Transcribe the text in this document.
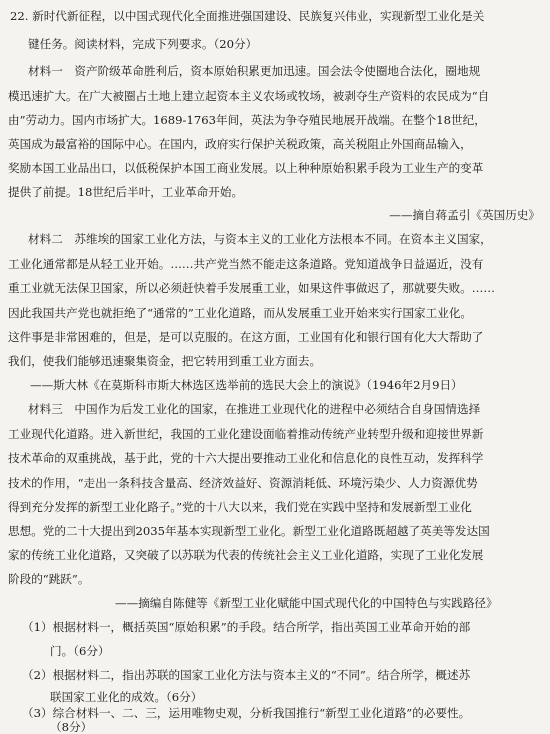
22. 新时代新征程，以中国式现代化全面推进强国建设、民族复兴伟业，实现新型工业化是关
键任务。阅读材料，完成下列要求。（20分）
材料一　资产阶级革命胜利后，资本原始积累更加迅速。国会法令使圈地合法化，圈地规
模迅速扩大。在广大被圈占土地上建立起资本主义农场或牧场，被剥夺生产资料的农民成为“自
由”劳动力。国内市场扩大。1689-1763年间，英法为争夺殖民地展开战端。在整个18世纪，
英国成为最富裕的国际中心。在国内，政府实行保护关税政策，高关税阻止外国商品输入，
奖励本国工业品出口，以低税保护本国工商业发展。以上种种原始积累手段为工业生产的变革
提供了前提。18世纪后半叶，工业革命开始。
——摘自蒋孟引《英国历史》
材料二　苏维埃的国家工业化方法，与资本主义的工业化方法根本不同。在资本主义国家，
工业化通常都是从轻工业开始。……共产党当然不能走这条道路。党知道战争日益逼近，没有
重工业就无法保卫国家，所以必须赶快着手发展重工业，如果这件事做迟了，那就要失败。……
因此我国共产党也就拒绝了“通常的”工业化道路，而从发展重工业开始来实行国家工业化。
这件事是非常困难的，但是，是可以克服的。在这方面，工业国有化和银行国有化大大帮助了
我们，使我们能够迅速聚集资金，把它转用到重工业方面去。
——斯大林《在莫斯科市斯大林选区选举前的选民大会上的演说》（1946年2月9日）
材料三　中国作为后发工业化的国家，在推进工业现代化的进程中必须结合自身国情选择
工业现代化道路。进入新世纪，我国的工业化建设面临着推动传统产业转型升级和迎接世界新
技术革命的双重挑战，基于此，党的十六大提出要推动工业化和信息化的良性互动，发挥科学
技术的作用，“走出一条科技含量高、经济效益好、资源消耗低、环境污染少、人力资源优势
得到充分发挥的新型工业化路子。”党的十八大以来，我们党在实践中坚持和发展新型工业化
思想。党的二十大提出到2035年基本实现新型工业化。新型工业化道路既超越了英美等发达国
家的传统工业化道路，又突破了以苏联为代表的传统社会主义工业化道路，实现了工业化发展
阶段的“跳跃”。
——摘编自陈健等《新型工业化赋能中国式现代化的中国特色与实践路径》
（1）根据材料一，概括英国“原始积累”的手段。结合所学，指出英国工业革命开始的部
门。（6分）
（2）根据材料二，指出苏联的国家工业化方法与资本主义的“不同”。结合所学，概述苏
联国家工业化的成效。（6分）
（3）综合材料一、二、三，运用唯物史观，分析我国推行“新型工业化道路”的必要性。
（8分）
